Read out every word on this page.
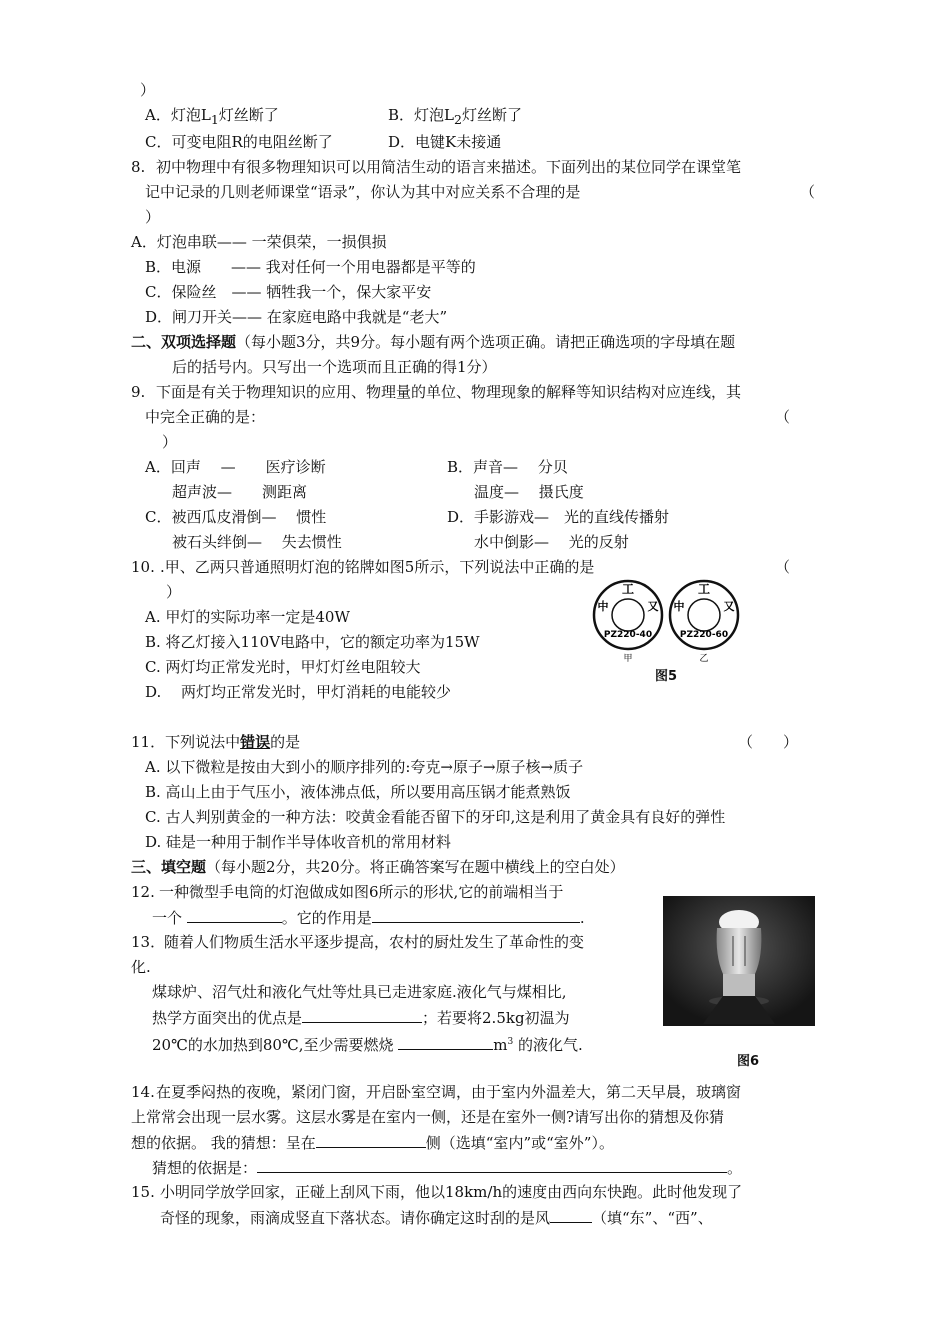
）
A．灯泡$L_1$灯丝断了	B．灯泡$L_2$灯丝断了
C．可变电阻R的电阻丝断了	D．电键K未接通
8. 初中物理中有很多物理知识可以用简洁生动的语言来描述。下面列出的某位同学在课堂笔
记中记录的几则老师课堂“语录”，你认为其中对应关系不合理的是	（
）
A．灯泡串联—— 一荣俱荣，一损俱损
B．电源　　—— 我对任何一个用电器都是平等的
C．保险丝　—— 牺牲我一个，保大家平安
D．闸刀开关—— 在家庭电路中我就是“老大”
二、双项选择题（每小题3分，共9分。每小题有两个选项正确。请把正确选项的字母填在题
后的括号内。只写出一个选项而且正确的得1分）
9. 下面是有关于物理知识的应用、物理量的单位、物理现象的解释等知识结构对应连线，其
中完全正确的是：	（
）
A．回声　 —　　医疗诊断
超声波—　　测距离
B．声音—　 分贝
温度—　 摄氏度
C．被西瓜皮滑倒—　 惯性
被石头绊倒—　 失去惯性
D．手影游戏—　光的直线传播射
水中倒影—　 光的反射
10. .甲、乙两只普通照明灯泡的铭牌如图5所示，下列说法中正确的是	（
）
A. 甲灯的实际功率一定是40W
B. 将乙灯接入110V电路中，它的额定功率为15W
C. 两灯均正常发光时，甲灯灯丝电阻较大
D.　 两灯均正常发光时，甲灯消耗的电能较少
工
中	又
PZ220-40
甲
工
中	又
PZ220-60
乙
图5
11．下列说法中错误的是	（　　）
A. 以下微粒是按由大到小的顺序排列的:夸克→原子→原子核→质子
B. 高山上由于气压小，液体沸点低，所以要用高压锅才能煮熟饭
C. 古人判别黄金的一种方法：咬黄金看能否留下的牙印,这是利用了黄金具有良好的弹性
D. 硅是一种用于制作半导体收音机的常用材料
三、填空题（每小题2分，共20分。将正确答案写在题中横线上的空白处）
12. 一种微型手电筒的灯泡做成如图6所示的形状,它的前端相当于
一个	。它的作用是	.
图6
13．
随着人们物质生活水平逐步提高，农村的厨灶发生了革命性的变
化.
煤球炉、沼气灶和液化气灶等灶具已走进家庭.液化气与煤相比,
热学方面突出的优点是	；若要将2.5kg初温为
20℃的水加热到80℃,至少需要燃烧	$m^3$ 的液化气.
14. 在夏季闷热的夜晚，紧闭门窗，开启卧室空调，由于室内外温差大，第二天早晨，玻璃窗
上常常会出现一层水雾。这层水雾是在室内一侧，还是在室外一侧?请写出你的猜想及你猜
想的依据。 我的猜想：呈在	侧（选填“室内”或“室外”）。
猜想的依据是：	。
15. 小明同学放学回家，正碰上刮风下雨，他以18km/h的速度由西向东快跑。此时他发现了
奇怪的现象，雨滴成竖直下落状态。请你确定这时刮的是风	（填“东”、“西”、
